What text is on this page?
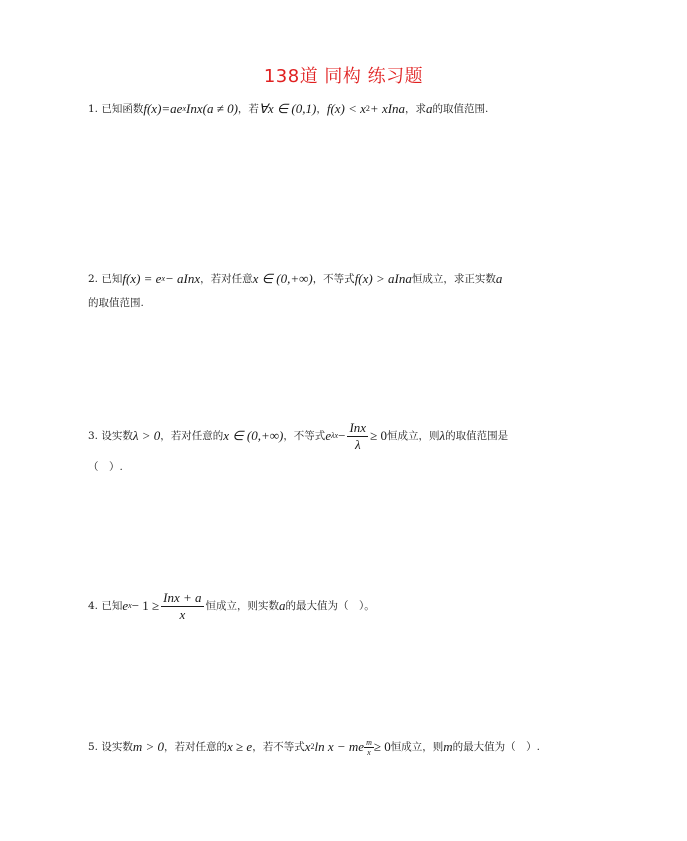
138道 同构 练习题
1. 已知函数 f(x)=ae x Inx(a ≠ 0) ，若 ∀x ∈ (0,1) ， f(x) < x 2 + xIna ，求 a 的取值范围.
2. 已知 f(x) = e x − aInx ，若对任意 x ∈ (0,+∞) ，不等式 f(x) > aIna 恒成立，求正实数 a
的取值范围.
3. 设实数 λ > 0 ，若对任意的 x ∈ (0,+∞) ，不等式 e $\lambda x - \frac{\text{Inx}}{\lambda} \ge 0$ 恒成立，则 λ 的取值范围是
（　）.
4. 已知 e $x - 1 \ge \frac{\text{Inx + a}}{x}$ 恒成立，则实数 a 的最大值为（　）。
5. 设实数 m > 0 ，若对任意的 x ≥ e ，若不等式 x 2 ln x − me $\frac{m}{x} \ge 0$ 恒成立，则 m 的最大值为（　）.
